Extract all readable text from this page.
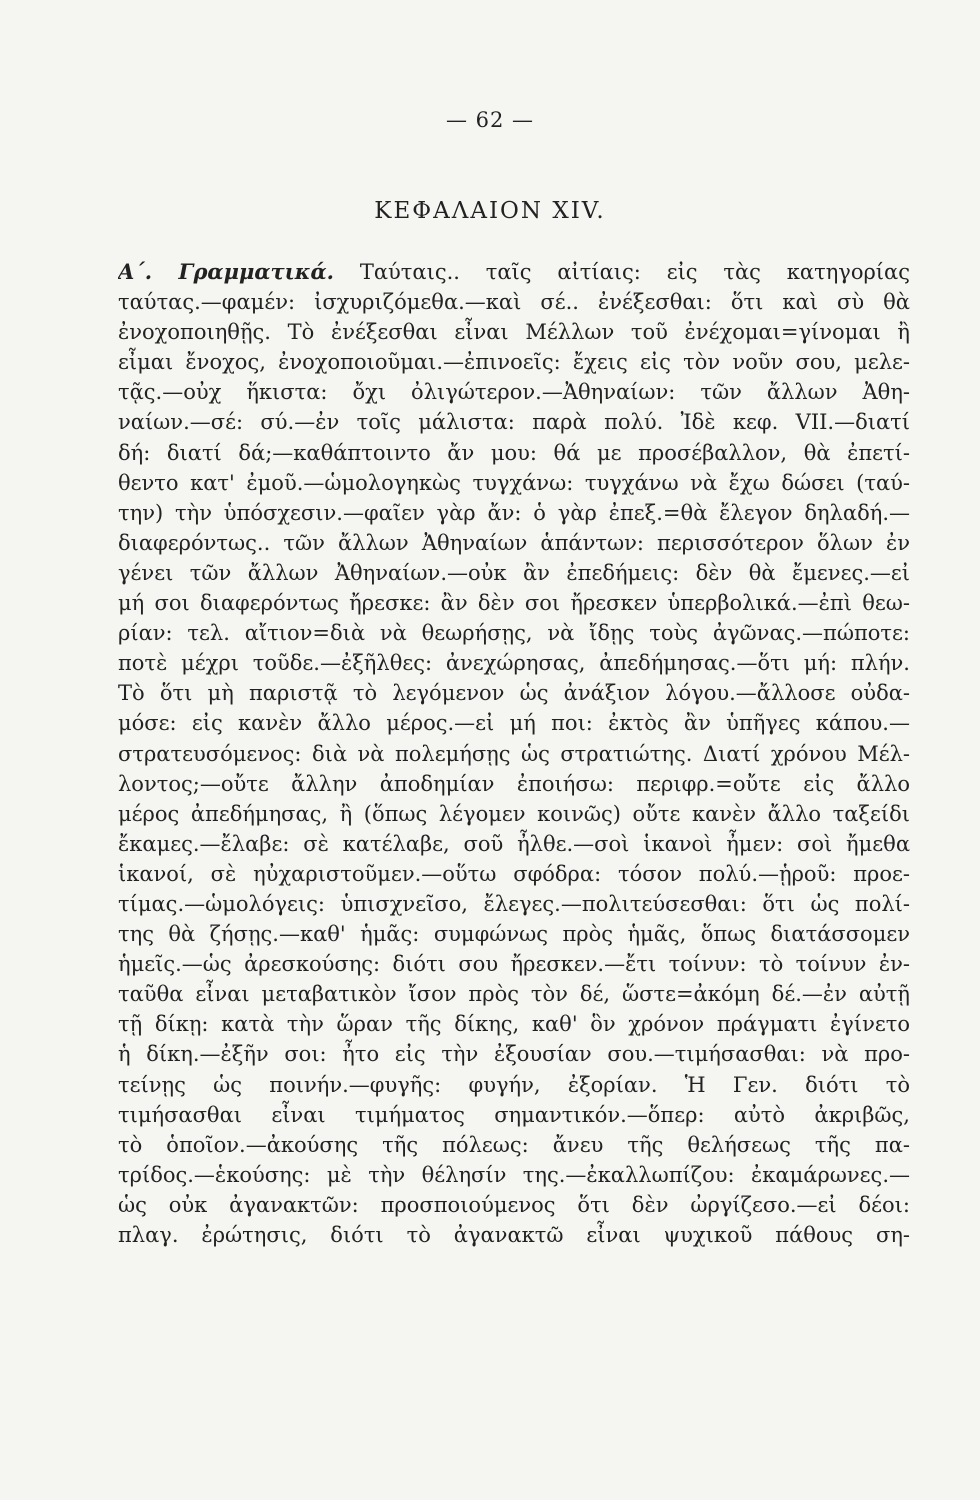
— 62 —
ΚΕΦΑΛΑΙΟΝ XIV.
Α΄. Γραμματικά. Ταύταις.. ταῖς αἰτίαις: εἰς τὰς κατηγορίας
ταύτας.—φαμέν: ἰσχυριζόμεθα.—καὶ σέ.. ἐνέξεσθαι: ὅτι καὶ σὺ θὰ
ἐνοχοποιηθῇς. Τὸ ἐνέξεσθαι εἶναι Μέλλων τοῦ ἐνέχομαι=γίνομαι ἢ
εἶμαι ἔνοχος, ἐνοχοποιοῦμαι.—ἐπινοεῖς: ἔχεις εἰς τὸν νοῦν σου, μελε-
τᾷς.—οὐχ ἥκιστα: ὄχι ὀλιγώτερον.—Ἀθηναίων: τῶν ἄλλων Ἀθη-
ναίων.—σέ: σύ.—ἐν τοῖς μάλιστα: παρὰ πολύ. Ἰδὲ κεφ. VII.—διατί
δή: διατί δά;—καθάπτοιντο ἄν μου: θά με προσέβαλλον, θὰ ἐπετί-
θεντο κατ' ἐμοῦ.—ὡμολογηκὼς τυγχάνω: τυγχάνω νὰ ἔχω δώσει (ταύ-
την) τὴν ὑπόσχεσιν.—φαῖεν γὰρ ἄν: ὁ γὰρ ἐπεξ.=θὰ ἔλεγον δηλαδή.—
διαφερόντως.. τῶν ἄλλων Ἀθηναίων ἁπάντων: περισσότερον ὅλων ἐν
γένει τῶν ἄλλων Ἀθηναίων.—οὐκ ἂν ἐπεδήμεις: δὲν θὰ ἔμενες.—εἰ
μή σοι διαφερόντως ἤρεσκε: ἂν δὲν σοι ἤρεσκεν ὑπερβολικά.—ἐπὶ θεω-
ρίαν: τελ. αἴτιον=διὰ νὰ θεωρήσῃς, νὰ ἴδῃς τοὺς ἀγῶνας.—πώποτε:
ποτὲ μέχρι τοῦδε.—ἐξῆλθες: ἀνεχώρησας, ἀπεδήμησας.—ὅτι μή: πλήν.
Τὸ ὅτι μὴ παριστᾷ τὸ λεγόμενον ὡς ἀνάξιον λόγου.—ἄλλοσε οὐδα-
μόσε: εἰς κανὲν ἄλλο μέρος.—εἰ μή ποι: ἐκτὸς ἂν ὑπῆγες κάπου.—
στρατευσόμενος: διὰ νὰ πολεμήσῃς ὡς στρατιώτης. Διατί χρόνου Μέλ-
λοντος;—οὔτε ἄλλην ἀποδημίαν ἐποιήσω: περιφρ.=οὔτε εἰς ἄλλο
μέρος ἀπεδήμησας, ἢ (ὅπως λέγομεν κοινῶς) οὔτε κανὲν ἄλλο ταξείδι
ἔκαμες.—ἔλαβε: σὲ κατέλαβε, σοῦ ἦλθε.—σοὶ ἱκανοὶ ἦμεν: σοὶ ἤμεθα
ἱκανοί, σὲ ηὐχαριστοῦμεν.—οὕτω σφόδρα: τόσον πολύ.—ᾑροῦ: προε-
τίμας.—ὡμολόγεις: ὑπισχνεῖσο, ἔλεγες.—πολιτεύσεσθαι: ὅτι ὡς πολί-
της θὰ ζήσῃς.—καθ' ἡμᾶς: συμφώνως πρὸς ἡμᾶς, ὅπως διατάσσομεν
ἡμεῖς.—ὡς ἀρεσκούσης: διότι σου ἤρεσκεν.—ἔτι τοίνυν: τὸ τοίνυν ἐν-
ταῦθα εἶναι μεταβατικὸν ἴσον πρὸς τὸν δέ, ὥστε=ἀκόμη δέ.—ἐν αὐτῇ
τῇ δίκῃ: κατὰ τὴν ὥραν τῆς δίκης, καθ' ὃν χρόνον πράγματι ἐγίνετο
ἡ δίκη.—ἐξῆν σοι: ἦτο εἰς τὴν ἐξουσίαν σου.—τιμήσασθαι: νὰ προ-
τείνῃς ὡς ποινήν.—φυγῆς: φυγήν, ἐξορίαν. Ἡ Γεν. διότι τὸ
τιμήσασθαι εἶναι τιμήματος σημαντικόν.—ὅπερ: αὐτὸ ἀκριβῶς,
τὸ ὁποῖον.—ἀκούσης τῆς πόλεως: ἄνευ τῆς θελήσεως τῆς πα-
τρίδος.—ἑκούσης: μὲ τὴν θέλησίν της.—ἐκαλλωπίζου: ἐκαμάρωνες.—
ὡς οὐκ ἀγανακτῶν: προσποιούμενος ὅτι δὲν ὠργίζεσο.—εἰ δέοι:
πλαγ. ἐρώτησις, διότι τὸ ἀγανακτῶ εἶναι ψυχικοῦ πάθους ση-
